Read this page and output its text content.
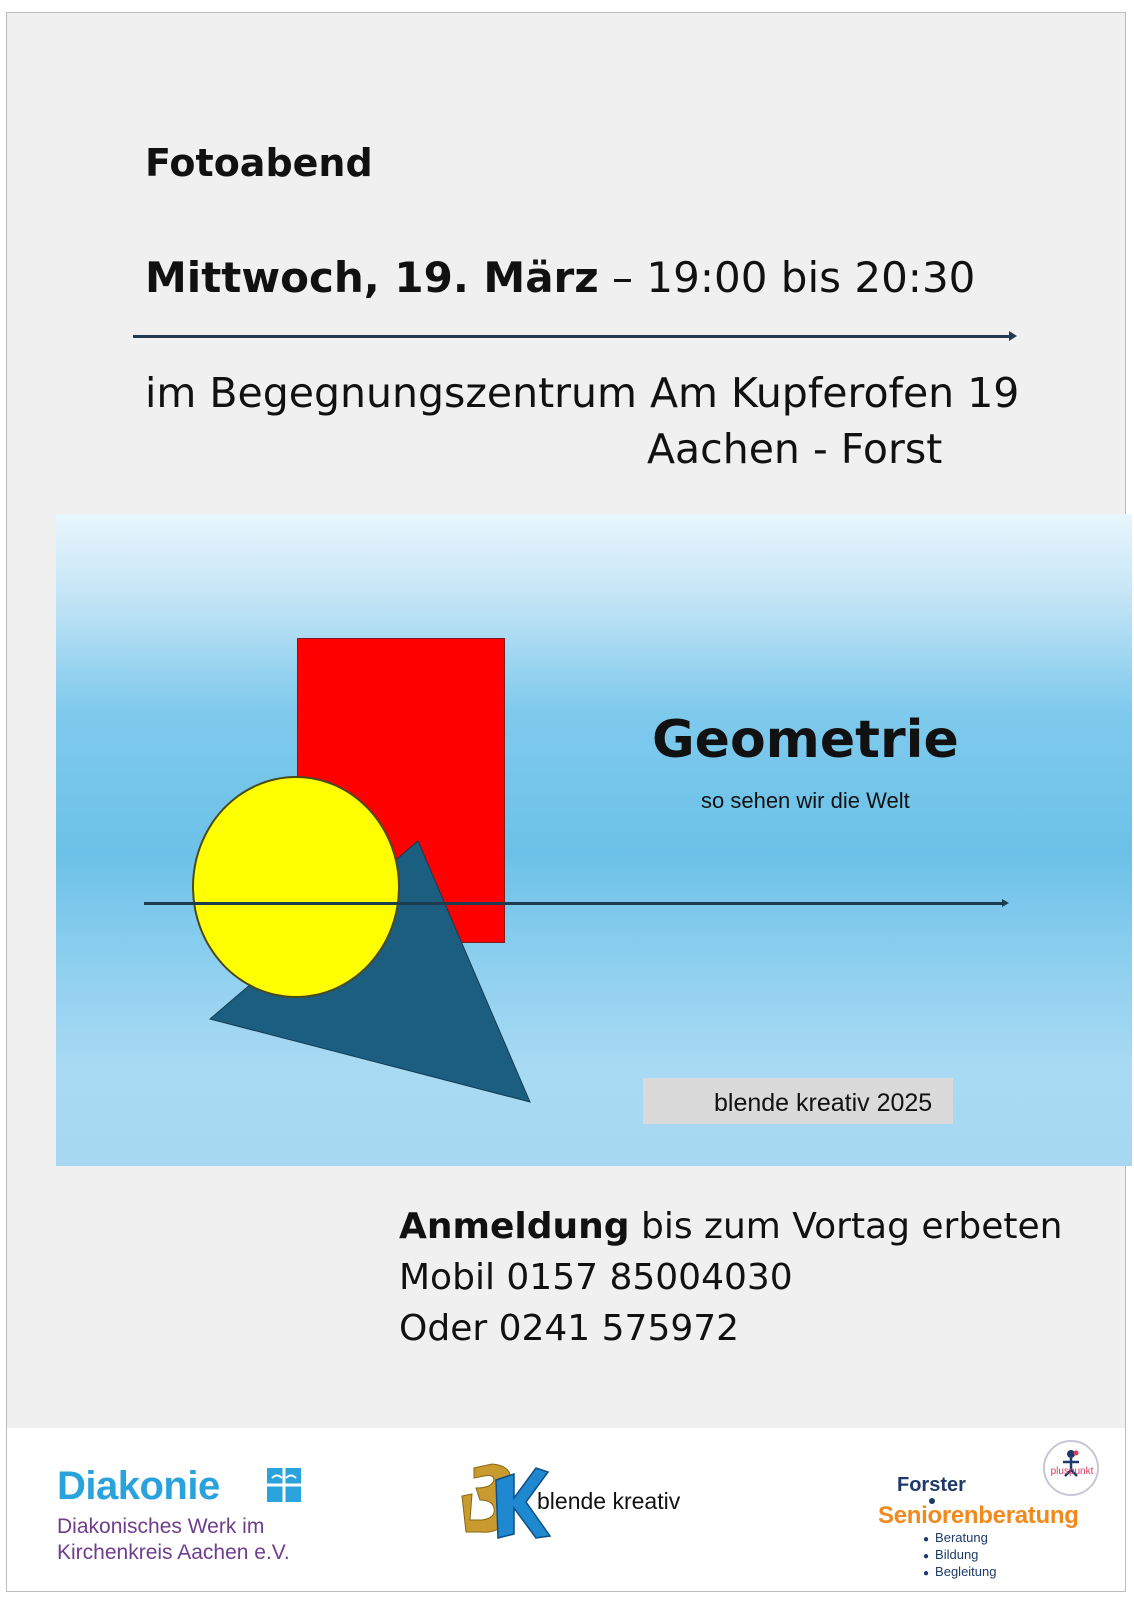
Fotoabend

Mittwoch, 19. März – 19:00 bis 20:30

im Begegnungszentrum Am Kupferofen 19

Aachen - Forst

Geometrie
so sehen wir die Welt
blende kreativ 2025

Anmeldung bis zum Vortag erbeten

Mobil 0157 85004030

Oder 0241 575972

Diakonie
Diakonisches Werk im
Kirchenkreis Aachen e.V.
blende kreativ
Forster
Seniorenberatung
● Beratung
● Bildung
● Begleitung
pluspunkt
